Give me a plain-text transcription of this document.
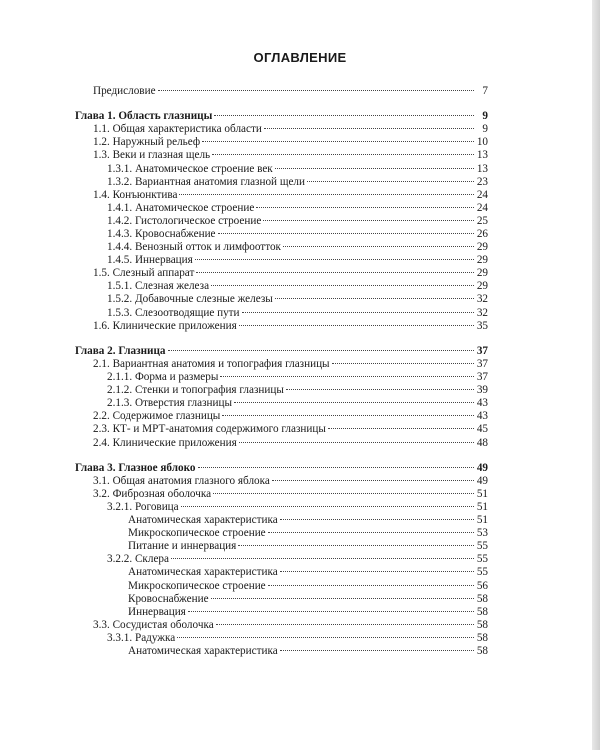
ОГЛАВЛЕНИЕ
Предисловие	7
Глава 1. Область глазницы	9
1.1. Общая характеристика области	9
1.2. Наружный рельеф	10
1.3. Веки и глазная щель	13
1.3.1. Анатомическое строение век	13
1.3.2. Вариантная анатомия глазной щели	23
1.4. Конъюнктива	24
1.4.1. Анатомическое строение	24
1.4.2. Гистологическое строение	25
1.4.3. Кровоснабжение	26
1.4.4. Венозный отток и лимфоотток	29
1.4.5. Иннервация	29
1.5. Слезный аппарат	29
1.5.1. Слезная железа	29
1.5.2. Добавочные слезные железы	32
1.5.3. Слезоотводящие пути	32
1.6. Клинические приложения	35
Глава 2. Глазница	37
2.1. Вариантная анатомия и топография глазницы	37
2.1.1. Форма и размеры	37
2.1.2. Стенки и топография глазницы	39
2.1.3. Отверстия глазницы	43
2.2. Содержимое глазницы	43
2.3. КТ- и МРТ-анатомия содержимого глазницы	45
2.4. Клинические приложения	48
Глава 3. Глазное яблоко	49
3.1. Общая анатомия глазного яблока	49
3.2. Фиброзная оболочка	51
3.2.1. Роговица	51
Анатомическая характеристика	51
Микроскопическое строение	53
Питание и иннервация	55
3.2.2. Склера	55
Анатомическая характеристика	55
Микроскопическое строение	56
Кровоснабжение	58
Иннервация	58
3.3. Сосудистая оболочка	58
3.3.1. Радужка	58
Анатомическая характеристика	58
